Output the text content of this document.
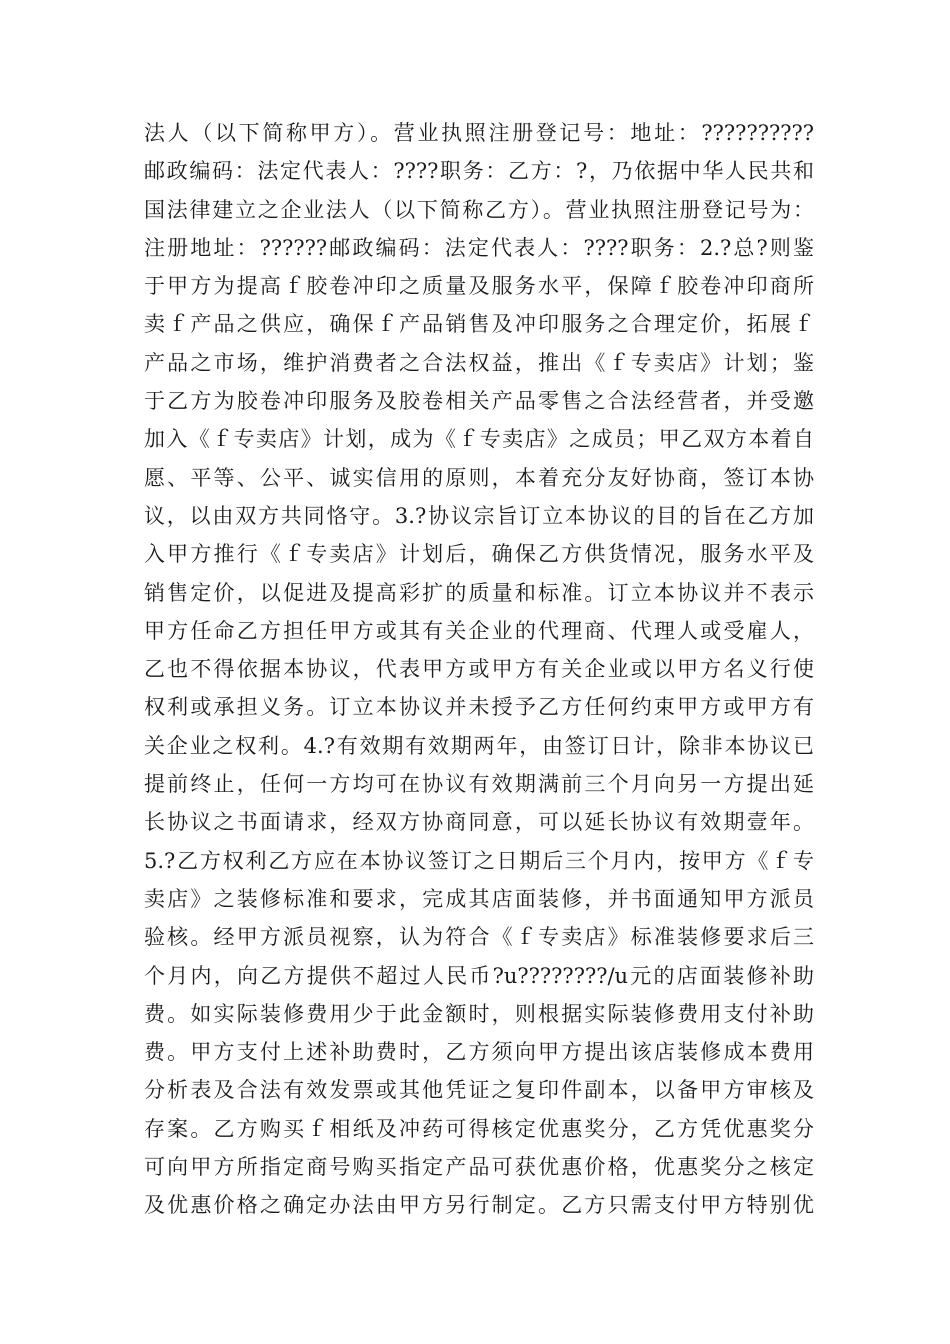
法人（以下简称甲方）。营业执照注册登记号：地址：??????????
邮政编码：法定代表人：????职务：乙方：?，乃依据中华人民共和
国法律建立之企业法人（以下简称乙方）。营业执照注册登记号为：
注册地址：??????邮政编码：法定代表人：????职务：2.?总?则鉴
于甲方为提高ｆ胶卷冲印之质量及服务水平，保障ｆ胶卷冲印商所
卖ｆ产品之供应，确保ｆ产品销售及冲印服务之合理定价，拓展ｆ
产品之市场，维护消费者之合法权益，推出《ｆ专卖店》计划；鉴
于乙方为胶卷冲印服务及胶卷相关产品零售之合法经营者，并受邀
加入《ｆ专卖店》计划，成为《ｆ专卖店》之成员；甲乙双方本着自
愿、平等、公平、诚实信用的原则，本着充分友好协商，签订本协
议，以由双方共同恪守。3.?协议宗旨订立本协议的目的旨在乙方加
入甲方推行《ｆ专卖店》计划后，确保乙方供货情况，服务水平及
销售定价，以促进及提高彩扩的质量和标准。订立本协议并不表示
甲方任命乙方担任甲方或其有关企业的代理商、代理人或受雇人，
乙也不得依据本协议，代表甲方或甲方有关企业或以甲方名义行使
权利或承担义务。订立本协议并未授予乙方任何约束甲方或甲方有
关企业之权利。4.?有效期有效期两年，由签订日计，除非本协议已
提前终止，任何一方均可在协议有效期满前三个月向另一方提出延
长协议之书面请求，经双方协商同意，可以延长协议有效期壹年。
5.?乙方权利乙方应在本协议签订之日期后三个月内，按甲方《ｆ专
卖店》之装修标准和要求，完成其店面装修，并书面通知甲方派员
验核。经甲方派员视察，认为符合《ｆ专卖店》标准装修要求后三
个月内，向乙方提供不超过人民币?u????????/u元的店面装修补助
费。如实际装修费用少于此金额时，则根据实际装修费用支付补助
费。甲方支付上述补助费时，乙方须向甲方提出该店装修成本费用
分析表及合法有效发票或其他凭证之复印件副本，以备甲方审核及
存案。乙方购买ｆ相纸及冲药可得核定优惠奖分，乙方凭优惠奖分
可向甲方所指定商号购买指定产品可获优惠价格，优惠奖分之核定
及优惠价格之确定办法由甲方另行制定。乙方只需支付甲方特别优
